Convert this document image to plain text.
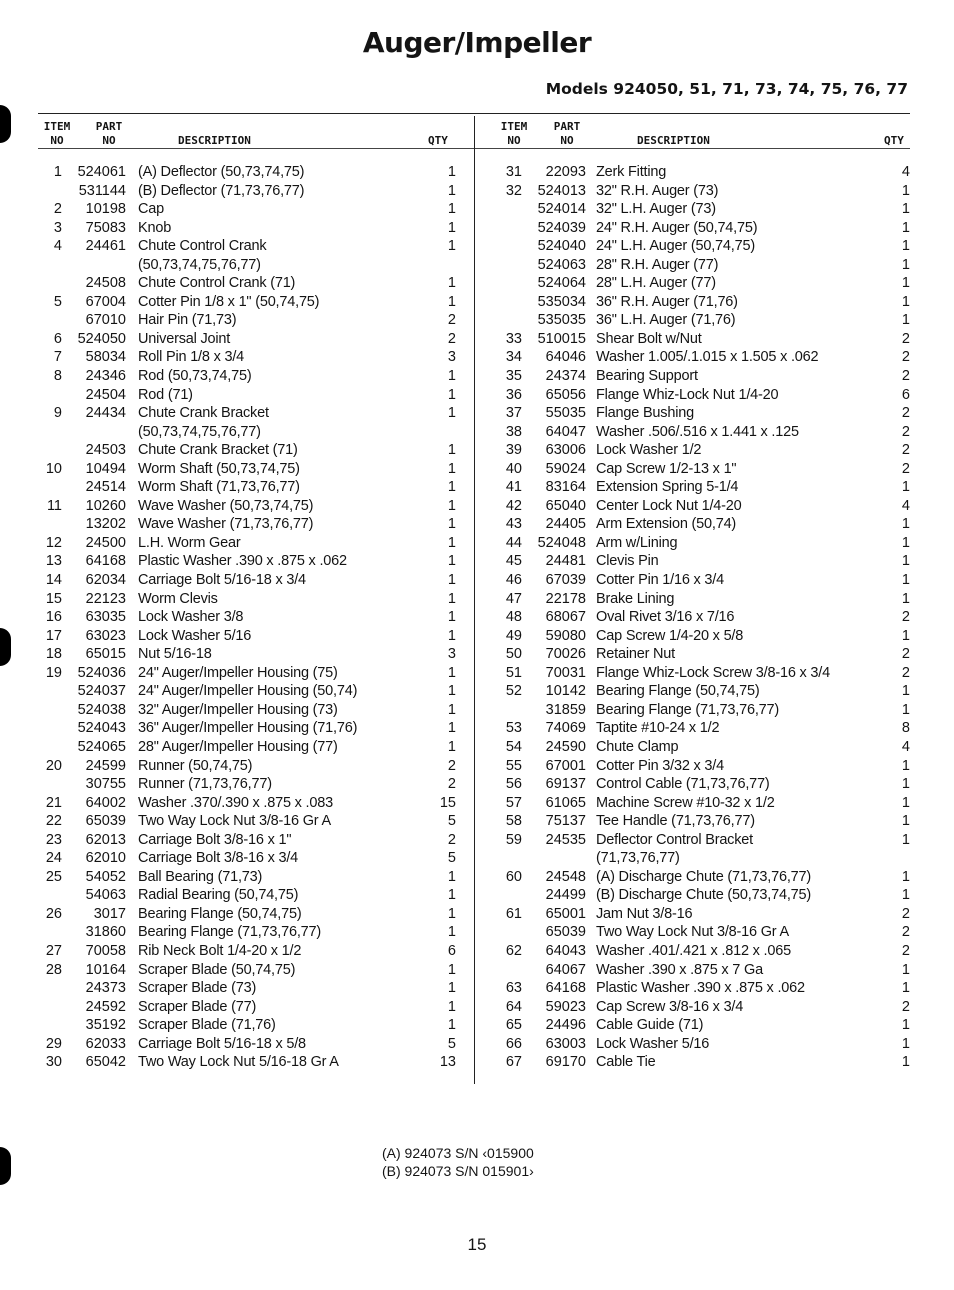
Auger/Impeller
Models 924050, 51, 71, 73, 74, 75, 76, 77
ITEM
NO
PART
NO	DESCRIPTION	QTY
ITEM
NO
PART
NO	DESCRIPTION	QTY
1	524061 (A) Deflector (50,73,74,75)	1
531144 (B) Deflector (71,73,76,77)	1
2	10198 Cap	1
3	75083 Knob	1
4	24461 Chute Control Crank	1
(50,73,74,75,76,77)
24508 Chute Control Crank (71)	1
5	67004 Cotter Pin 1/8 x 1" (50,74,75)	1
67010 Hair Pin (71,73)	2
6	524050 Universal Joint	2
7	58034 Roll Pin 1/8 x 3/4	3
8	24346 Rod (50,73,74,75)	1
24504 Rod (71)	1
9	24434 Chute Crank Bracket	1
(50,73,74,75,76,77)
24503 Chute Crank Bracket (71)	1
10	10494 Worm Shaft (50,73,74,75)	1
24514 Worm Shaft (71,73,76,77)	1
11	10260 Wave Washer (50,73,74,75)	1
13202 Wave Washer (71,73,76,77)	1
12	24500 L.H. Worm Gear	1
13	64168 Plastic Washer .390 x .875 x .062	1
14	62034 Carriage Bolt 5/16-18 x 3/4	1
15	22123 Worm Clevis	1
16	63035 Lock Washer 3/8	1
17	63023 Lock Washer 5/16	1
18	65015 Nut 5/16-18	3
19	524036 24" Auger/Impeller Housing (75)	1
524037 24" Auger/Impeller Housing (50,74)	1
524038 32" Auger/Impeller Housing (73)	1
524043 36" Auger/Impeller Housing (71,76)	1
524065 28" Auger/Impeller Housing (77)	1
20	24599 Runner (50,74,75)	2
30755 Runner (71,73,76,77)	2
21	64002 Washer .370/.390 x .875 x .083	15
22	65039 Two Way Lock Nut 3/8-16 Gr A	5
23	62013 Carriage Bolt 3/8-16 x 1"	2
24	62010 Carriage Bolt 3/8-16 x 3/4	5
25	54052 Ball Bearing (71,73)	1
54063 Radial Bearing (50,74,75)	1
26	3017 Bearing Flange (50,74,75)	1
31860 Bearing Flange (71,73,76,77)	1
27	70058 Rib Neck Bolt 1/4-20 x 1/2	6
28	10164 Scraper Blade (50,74,75)	1
24373 Scraper Blade (73)	1
24592 Scraper Blade (77)	1
35192 Scraper Blade (71,76)	1
29	62033 Carriage Bolt 5/16-18 x 5/8	5
30	65042 Two Way Lock Nut 5/16-18 Gr A	13
31	22093 Zerk Fitting	4
32	524013 32" R.H. Auger (73)	1
524014 32" L.H. Auger (73)	1
524039 24" R.H. Auger (50,74,75)	1
524040 24" L.H. Auger (50,74,75)	1
524063 28" R.H. Auger (77)	1
524064 28" L.H. Auger (77)	1
535034 36" R.H. Auger (71,76)	1
535035 36" L.H. Auger (71,76)	1
33	510015 Shear Bolt w/Nut	2
34	64046 Washer 1.005/.1.015 x 1.505 x .062	2
35	24374 Bearing Support	2
36	65056 Flange Whiz-Lock Nut 1/4-20	6
37	55035 Flange Bushing	2
38	64047 Washer .506/.516 x 1.441 x .125	2
39	63006 Lock Washer 1/2	2
40	59024 Cap Screw 1/2-13 x 1"	2
41	83164 Extension Spring 5-1/4	1
42	65040 Center Lock Nut 1/4-20	4
43	24405 Arm Extension (50,74)	1
44	524048 Arm w/Lining	1
45	24481 Clevis Pin	1
46	67039 Cotter Pin 1/16 x 3/4	1
47	22178 Brake Lining	1
48	68067 Oval Rivet 3/16 x 7/16	2
49	59080 Cap Screw 1/4-20 x 5/8	1
50	70026 Retainer Nut	2
51	70031 Flange Whiz-Lock Screw 3/8-16 x 3/4	2
52	10142 Bearing Flange (50,74,75)	1
31859 Bearing Flange (71,73,76,77)	1
53	74069 Taptite #10-24 x 1/2	8
54	24590 Chute Clamp	4
55	67001 Cotter Pin 3/32 x 3/4	1
56	69137 Control Cable (71,73,76,77)	1
57	61065 Machine Screw #10-32 x 1/2	1
58	75137 Tee Handle (71,73,76,77)	1
59	24535 Deflector Control Bracket	1
(71,73,76,77)
60	24548 (A) Discharge Chute (71,73,76,77)	1
24499 (B) Discharge Chute (50,73,74,75)	1
61	65001 Jam Nut 3/8-16	2
65039 Two Way Lock Nut 3/8-16 Gr A	2
62	64043 Washer .401/.421 x .812 x .065	2
64067 Washer .390 x .875 x 7 Ga	1
63	64168 Plastic Washer .390 x .875 x .062	1
64	59023 Cap Screw 3/8-16 x 3/4	2
65	24496 Cable Guide (71)	1
66	63003 Lock Washer 5/16	1
67	69170 Cable Tie	1
(A) 924073 S/N ‹015900
(B) 924073 S/N 015901›
15
